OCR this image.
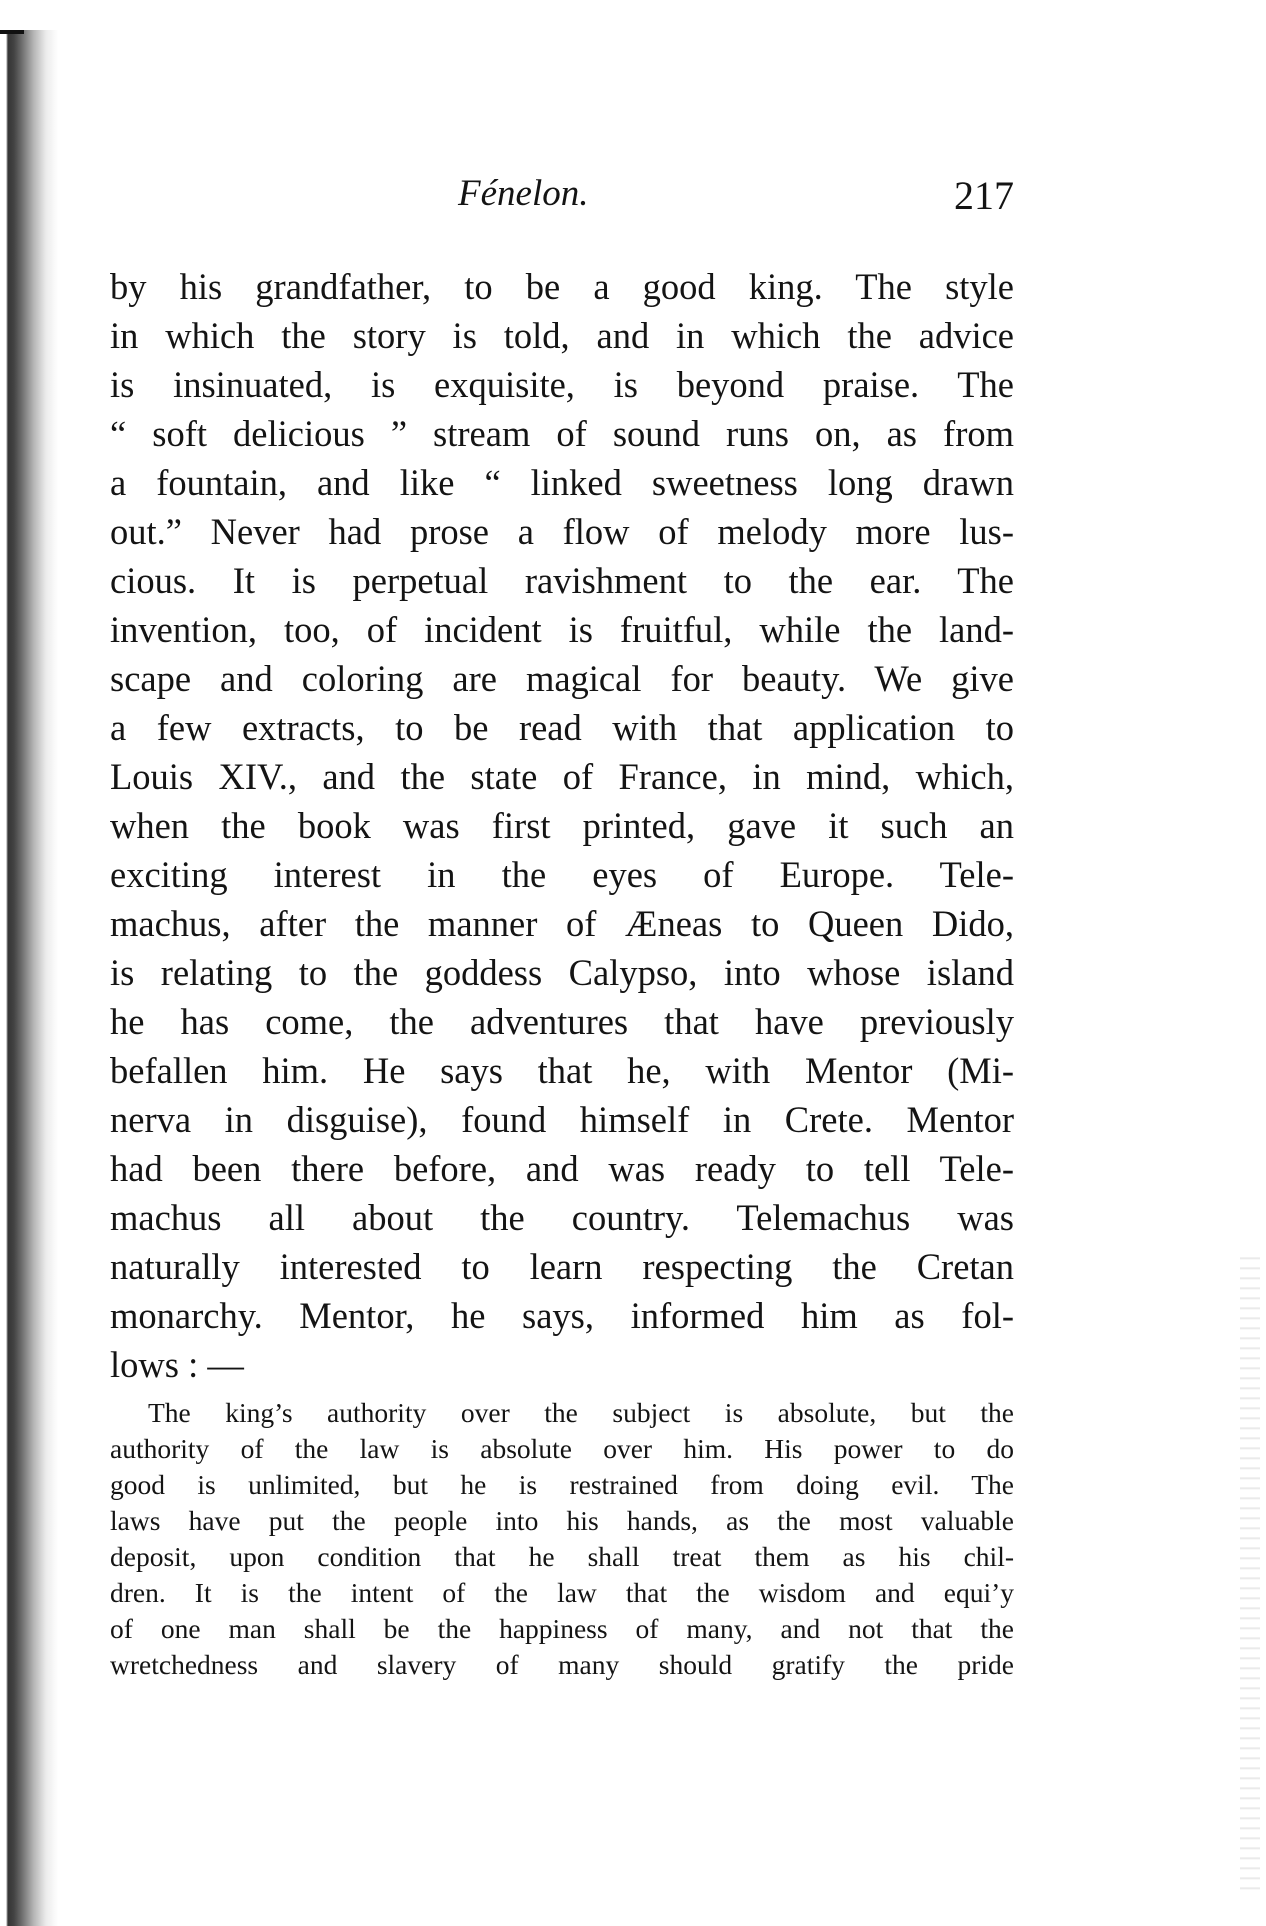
Fénelon.	217
by his grandfather, to be a good king. The style
in which the story is told, and in which the advice
is insinuated, is exquisite, is beyond praise. The
“ soft delicious ” stream of sound runs on, as from
a fountain, and like “ linked sweetness long drawn
out.” Never had prose a flow of melody more lus-
cious. It is perpetual ravishment to the ear. The
invention, too, of incident is fruitful, while the land-
scape and coloring are magical for beauty. We give
a few extracts, to be read with that application to
Louis XIV., and the state of France, in mind, which,
when the book was first printed, gave it such an
exciting interest in the eyes of Europe. Tele-
machus, after the manner of Æneas to Queen Dido,
is relating to the goddess Calypso, into whose island
he has come, the adventures that have previously
befallen him. He says that he, with Mentor (Mi-
nerva in disguise), found himself in Crete. Mentor
had been there before, and was ready to tell Tele-
machus all about the country. Telemachus was
naturally interested to learn respecting the Cretan
monarchy. Mentor, he says, informed him as fol-
lows : —
The king’s authority over the subject is absolute, but the
authority of the law is absolute over him. His power to do
good is unlimited, but he is restrained from doing evil. The
laws have put the people into his hands, as the most valuable
deposit, upon condition that he shall treat them as his chil-
dren. It is the intent of the law that the wisdom and equi’y
of one man shall be the happiness of many, and not that the
wretchedness and slavery of many should gratify the pride
